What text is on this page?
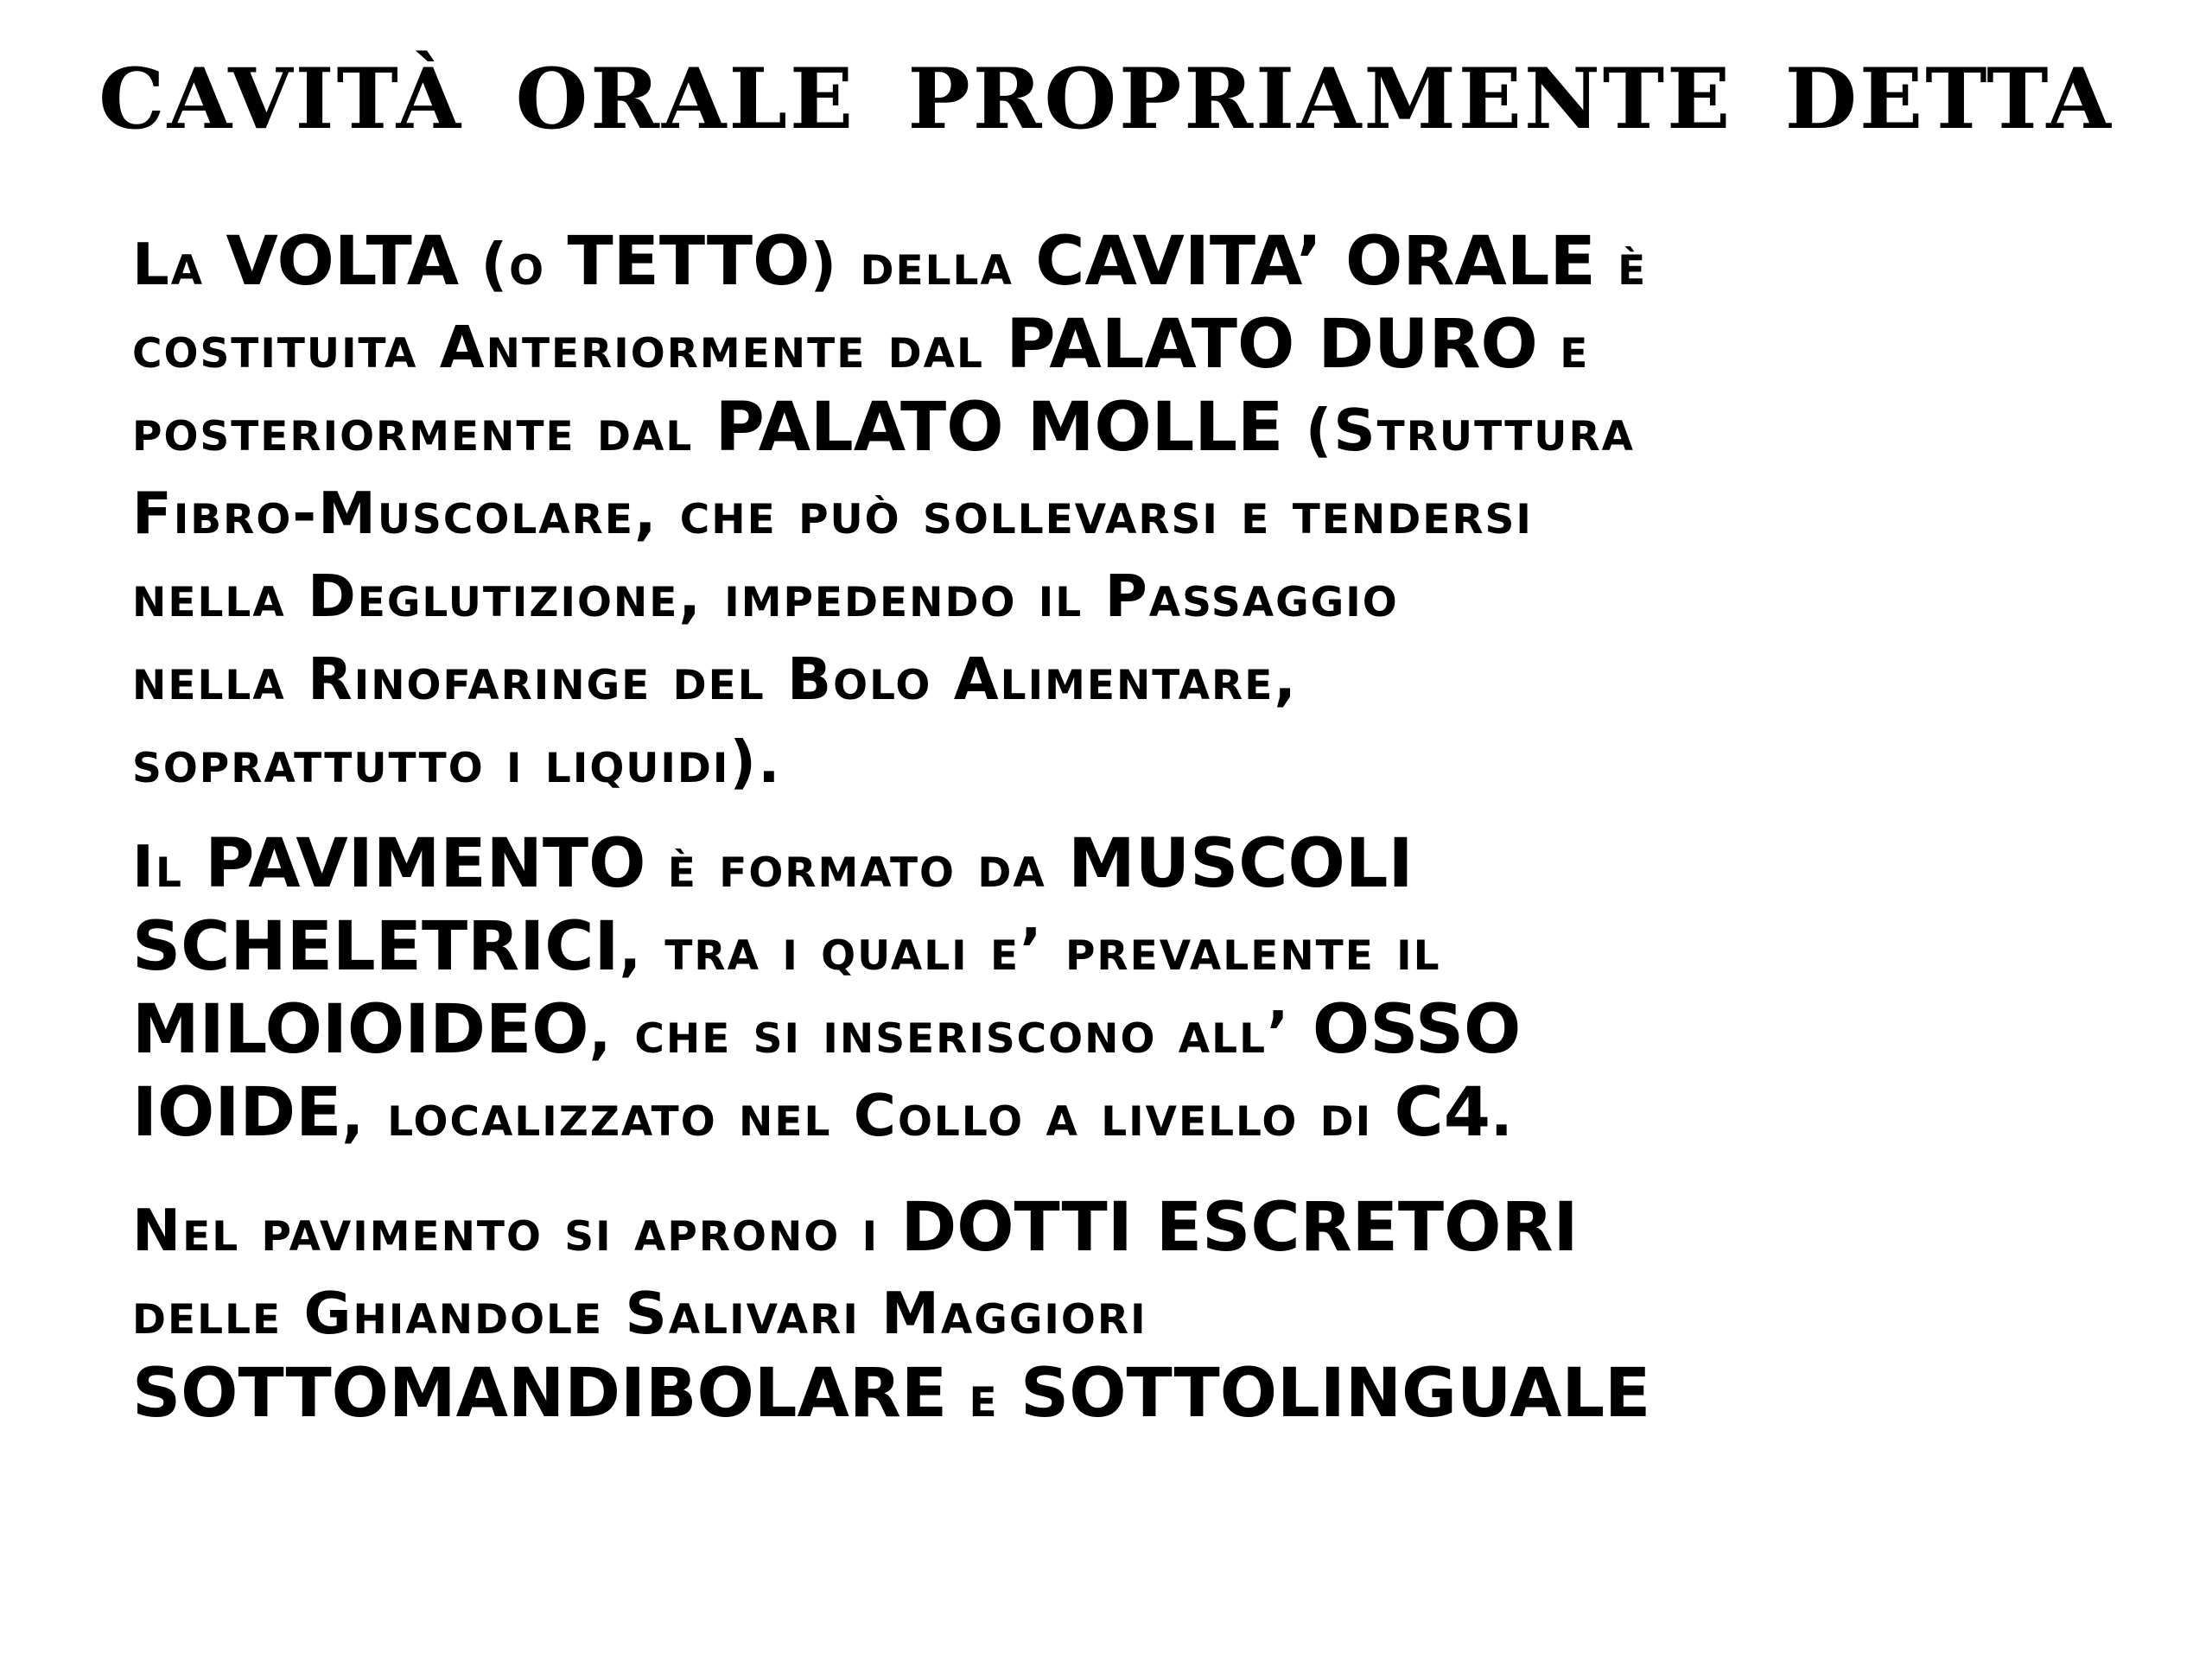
CAVITÀ ORALE PROPRIAMENTE DETTA
La VOLTA (o TETTO) della CAVITA’ ORALE è
costituita Anteriormente dal PALATO DURO e
posteriormente dal PALATO MOLLE (Struttura
Fibro-Muscolare, che può sollevarsi e tendersi
nella Deglutizione, impedendo il Passaggio
nella Rinofaringe del Bolo Alimentare,
soprattutto i liquidi).
Il PAVIMENTO è formato da MUSCOLI
SCHELETRICI, tra i quali e’ prevalente il
MILOIOIDEO, che si inseriscono all’ OSSO
IOIDE, localizzato nel Collo a livello di C4.
Nel pavimento si aprono i DOTTI ESCRETORI
delle Ghiandole Salivari Maggiori
SOTTOMANDIBOLARE e SOTTOLINGUALE
